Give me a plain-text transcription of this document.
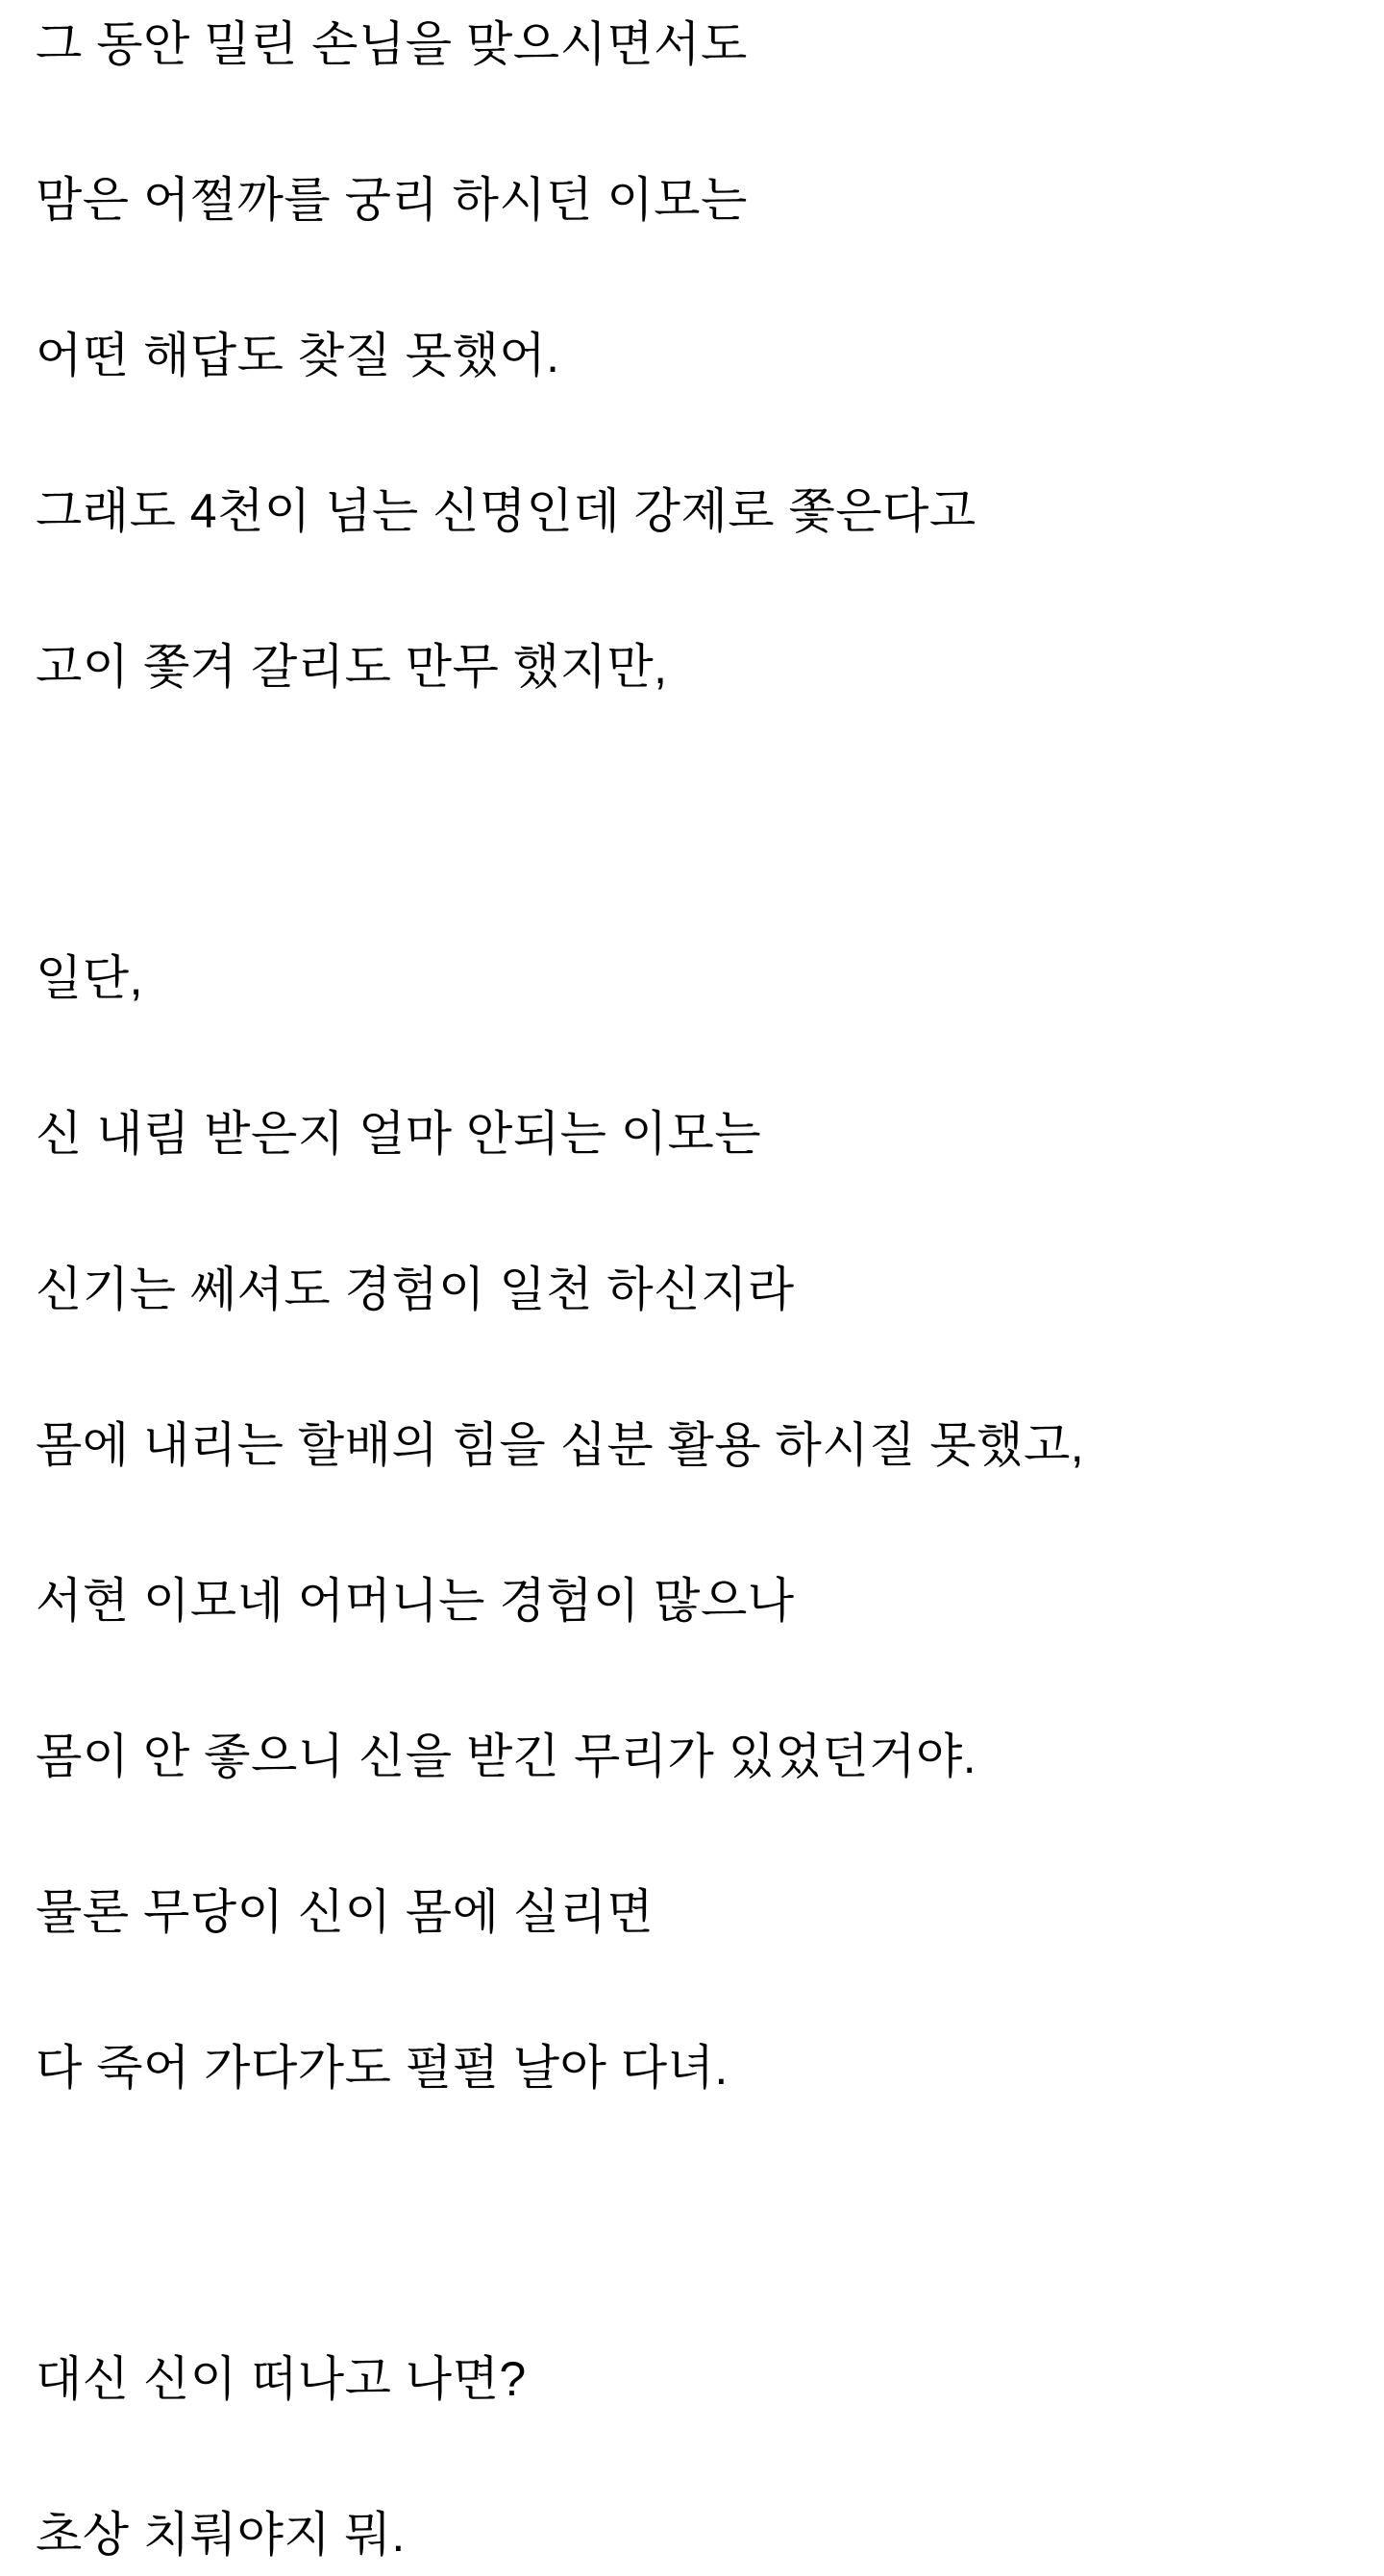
그 동안 밀린 손님을 맞으시면서도

맘은 어쩔까를 궁리 하시던 이모는

어떤 해답도 찾질 못했어.

그래도 4천이 넘는 신명인데 강제로 쫓은다고

고이 쫓겨 갈리도 만무 했지만,

일단,

신 내림 받은지 얼마 안되는 이모는

신기는 쎄셔도 경험이 일천 하신지라

몸에 내리는 할배의 힘을 십분 활용 하시질 못했고,

서현 이모네 어머니는 경험이 많으나

몸이 안 좋으니 신을 받긴 무리가 있었던거야.

물론 무당이 신이 몸에 실리면

다 죽어 가다가도 펄펄 날아 다녀.

대신 신이 떠나고 나면?

초상 치뤄야지 뭐.
